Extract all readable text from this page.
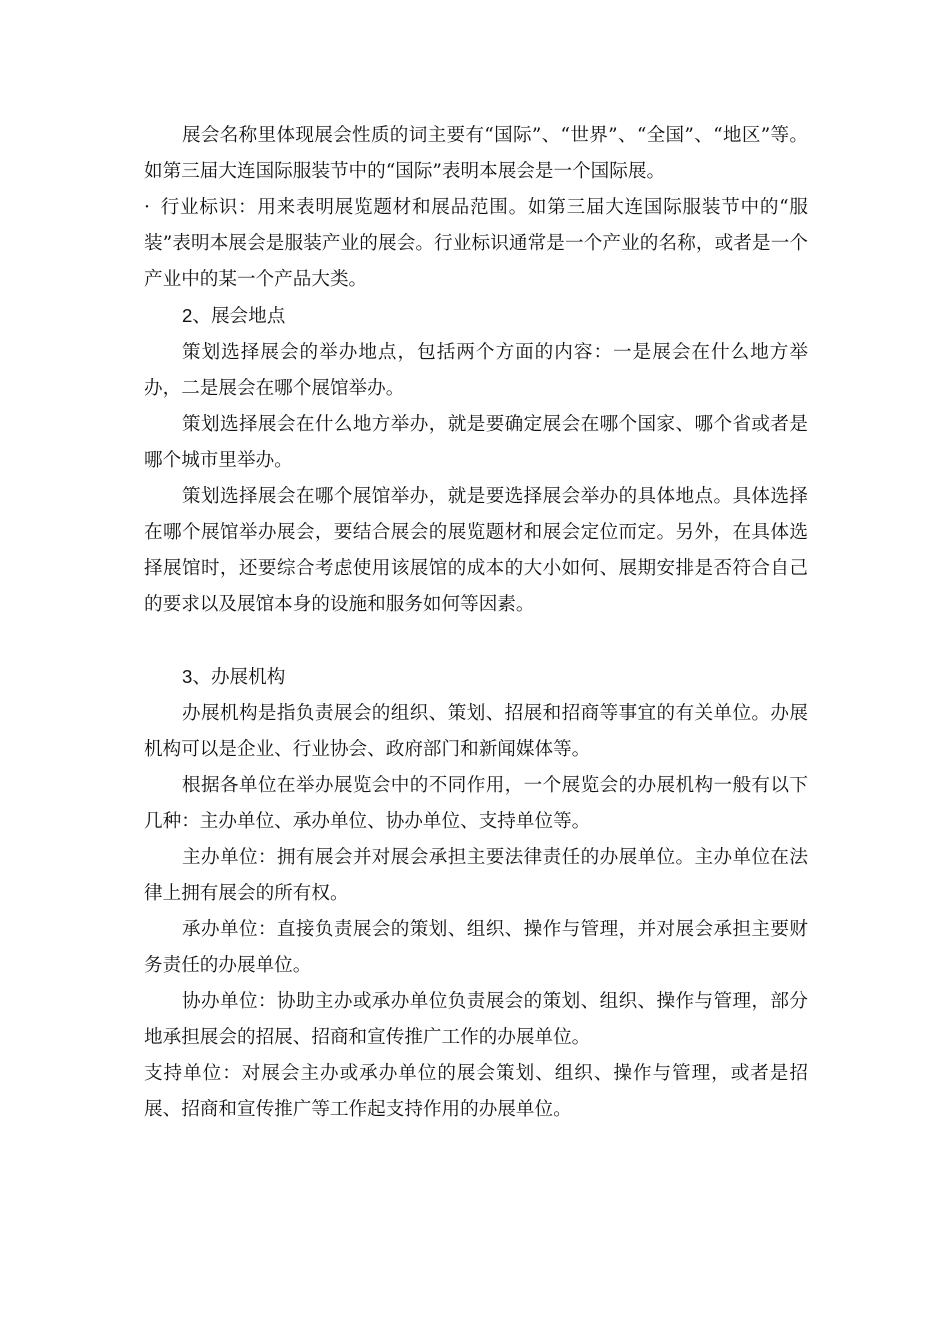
展会名称里体现展会性质的词主要有“国际”、“世界”、“全国”、“地区”等。如第三届大连国际服装节中的“国际”表明本展会是一个国际展。

· 行业标识：用来表明展览题材和展品范围。如第三届大连国际服装节中的“服装”表明本展会是服装产业的展会。行业标识通常是一个产业的名称，或者是一个产业中的某一个产品大类。

2、展会地点

策划选择展会的举办地点，包括两个方面的内容：一是展会在什么地方举办，二是展会在哪个展馆举办。

策划选择展会在什么地方举办，就是要确定展会在哪个国家、哪个省或者是哪个城市里举办。

策划选择展会在哪个展馆举办，就是要选择展会举办的具体地点。具体选择在哪个展馆举办展会，要结合展会的展览题材和展会定位而定。另外，在具体选择展馆时，还要综合考虑使用该展馆的成本的大小如何、展期安排是否符合自己的要求以及展馆本身的设施和服务如何等因素。

3、办展机构

办展机构是指负责展会的组织、策划、招展和招商等事宜的有关单位。办展机构可以是企业、行业协会、政府部门和新闻媒体等。

根据各单位在举办展览会中的不同作用，一个展览会的办展机构一般有以下几种：主办单位、承办单位、协办单位、支持单位等。

主办单位：拥有展会并对展会承担主要法律责任的办展单位。主办单位在法律上拥有展会的所有权。

承办单位：直接负责展会的策划、组织、操作与管理，并对展会承担主要财务责任的办展单位。

协办单位：协助主办或承办单位负责展会的策划、组织、操作与管理，部分地承担展会的招展、招商和宣传推广工作的办展单位。

支持单位：对展会主办或承办单位的展会策划、组织、操作与管理，或者是招展、招商和宣传推广等工作起支持作用的办展单位。
